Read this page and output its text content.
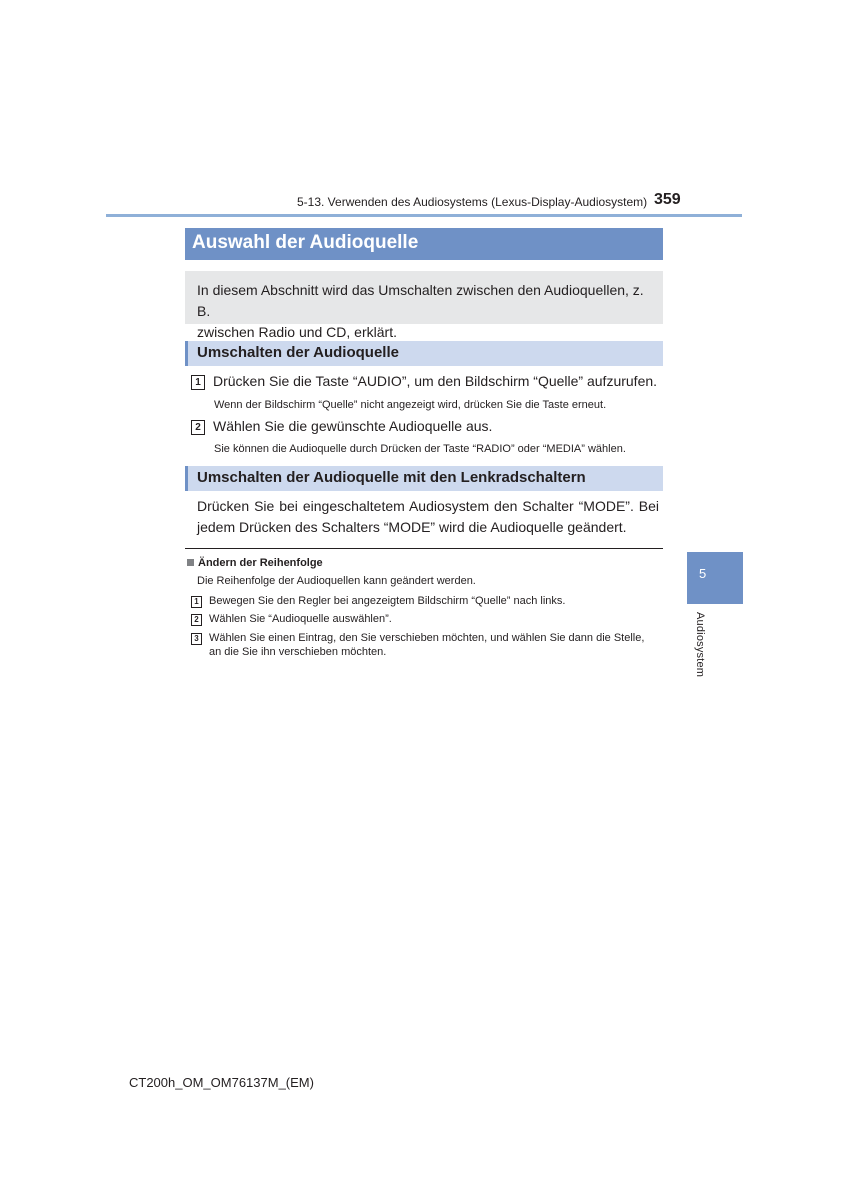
5-13. Verwenden des Audiosystems (Lexus-Display-Audiosystem) 359
Auswahl der Audioquelle
In diesem Abschnitt wird das Umschalten zwischen den Audioquellen, z. B.
zwischen Radio und CD, erklärt.
Umschalten der Audioquelle
1 Drücken Sie die Taste “AUDIO”, um den Bildschirm “Quelle” aufzurufen.
Wenn der Bildschirm “Quelle” nicht angezeigt wird, drücken Sie die Taste erneut.
2 Wählen Sie die gewünschte Audioquelle aus.
Sie können die Audioquelle durch Drücken der Taste “RADIO” oder “MEDIA” wählen.
Umschalten der Audioquelle mit den Lenkradschaltern
Drücken Sie bei eingeschaltetem Audiosystem den Schalter “MODE”. Bei jedem Drücken des Schalters “MODE” wird die Audioquelle geändert.
Ändern der Reihenfolge
Die Reihenfolge der Audioquellen kann geändert werden.
1 Bewegen Sie den Regler bei angezeigtem Bildschirm “Quelle” nach links.
2 Wählen Sie “Audioquelle auswählen”.
3 Wählen Sie einen Eintrag, den Sie verschieben möchten, und wählen Sie dann die Stelle, an die Sie ihn verschieben möchten.
5
Audiosystem
CT200h_OM_OM76137M_(EM)
